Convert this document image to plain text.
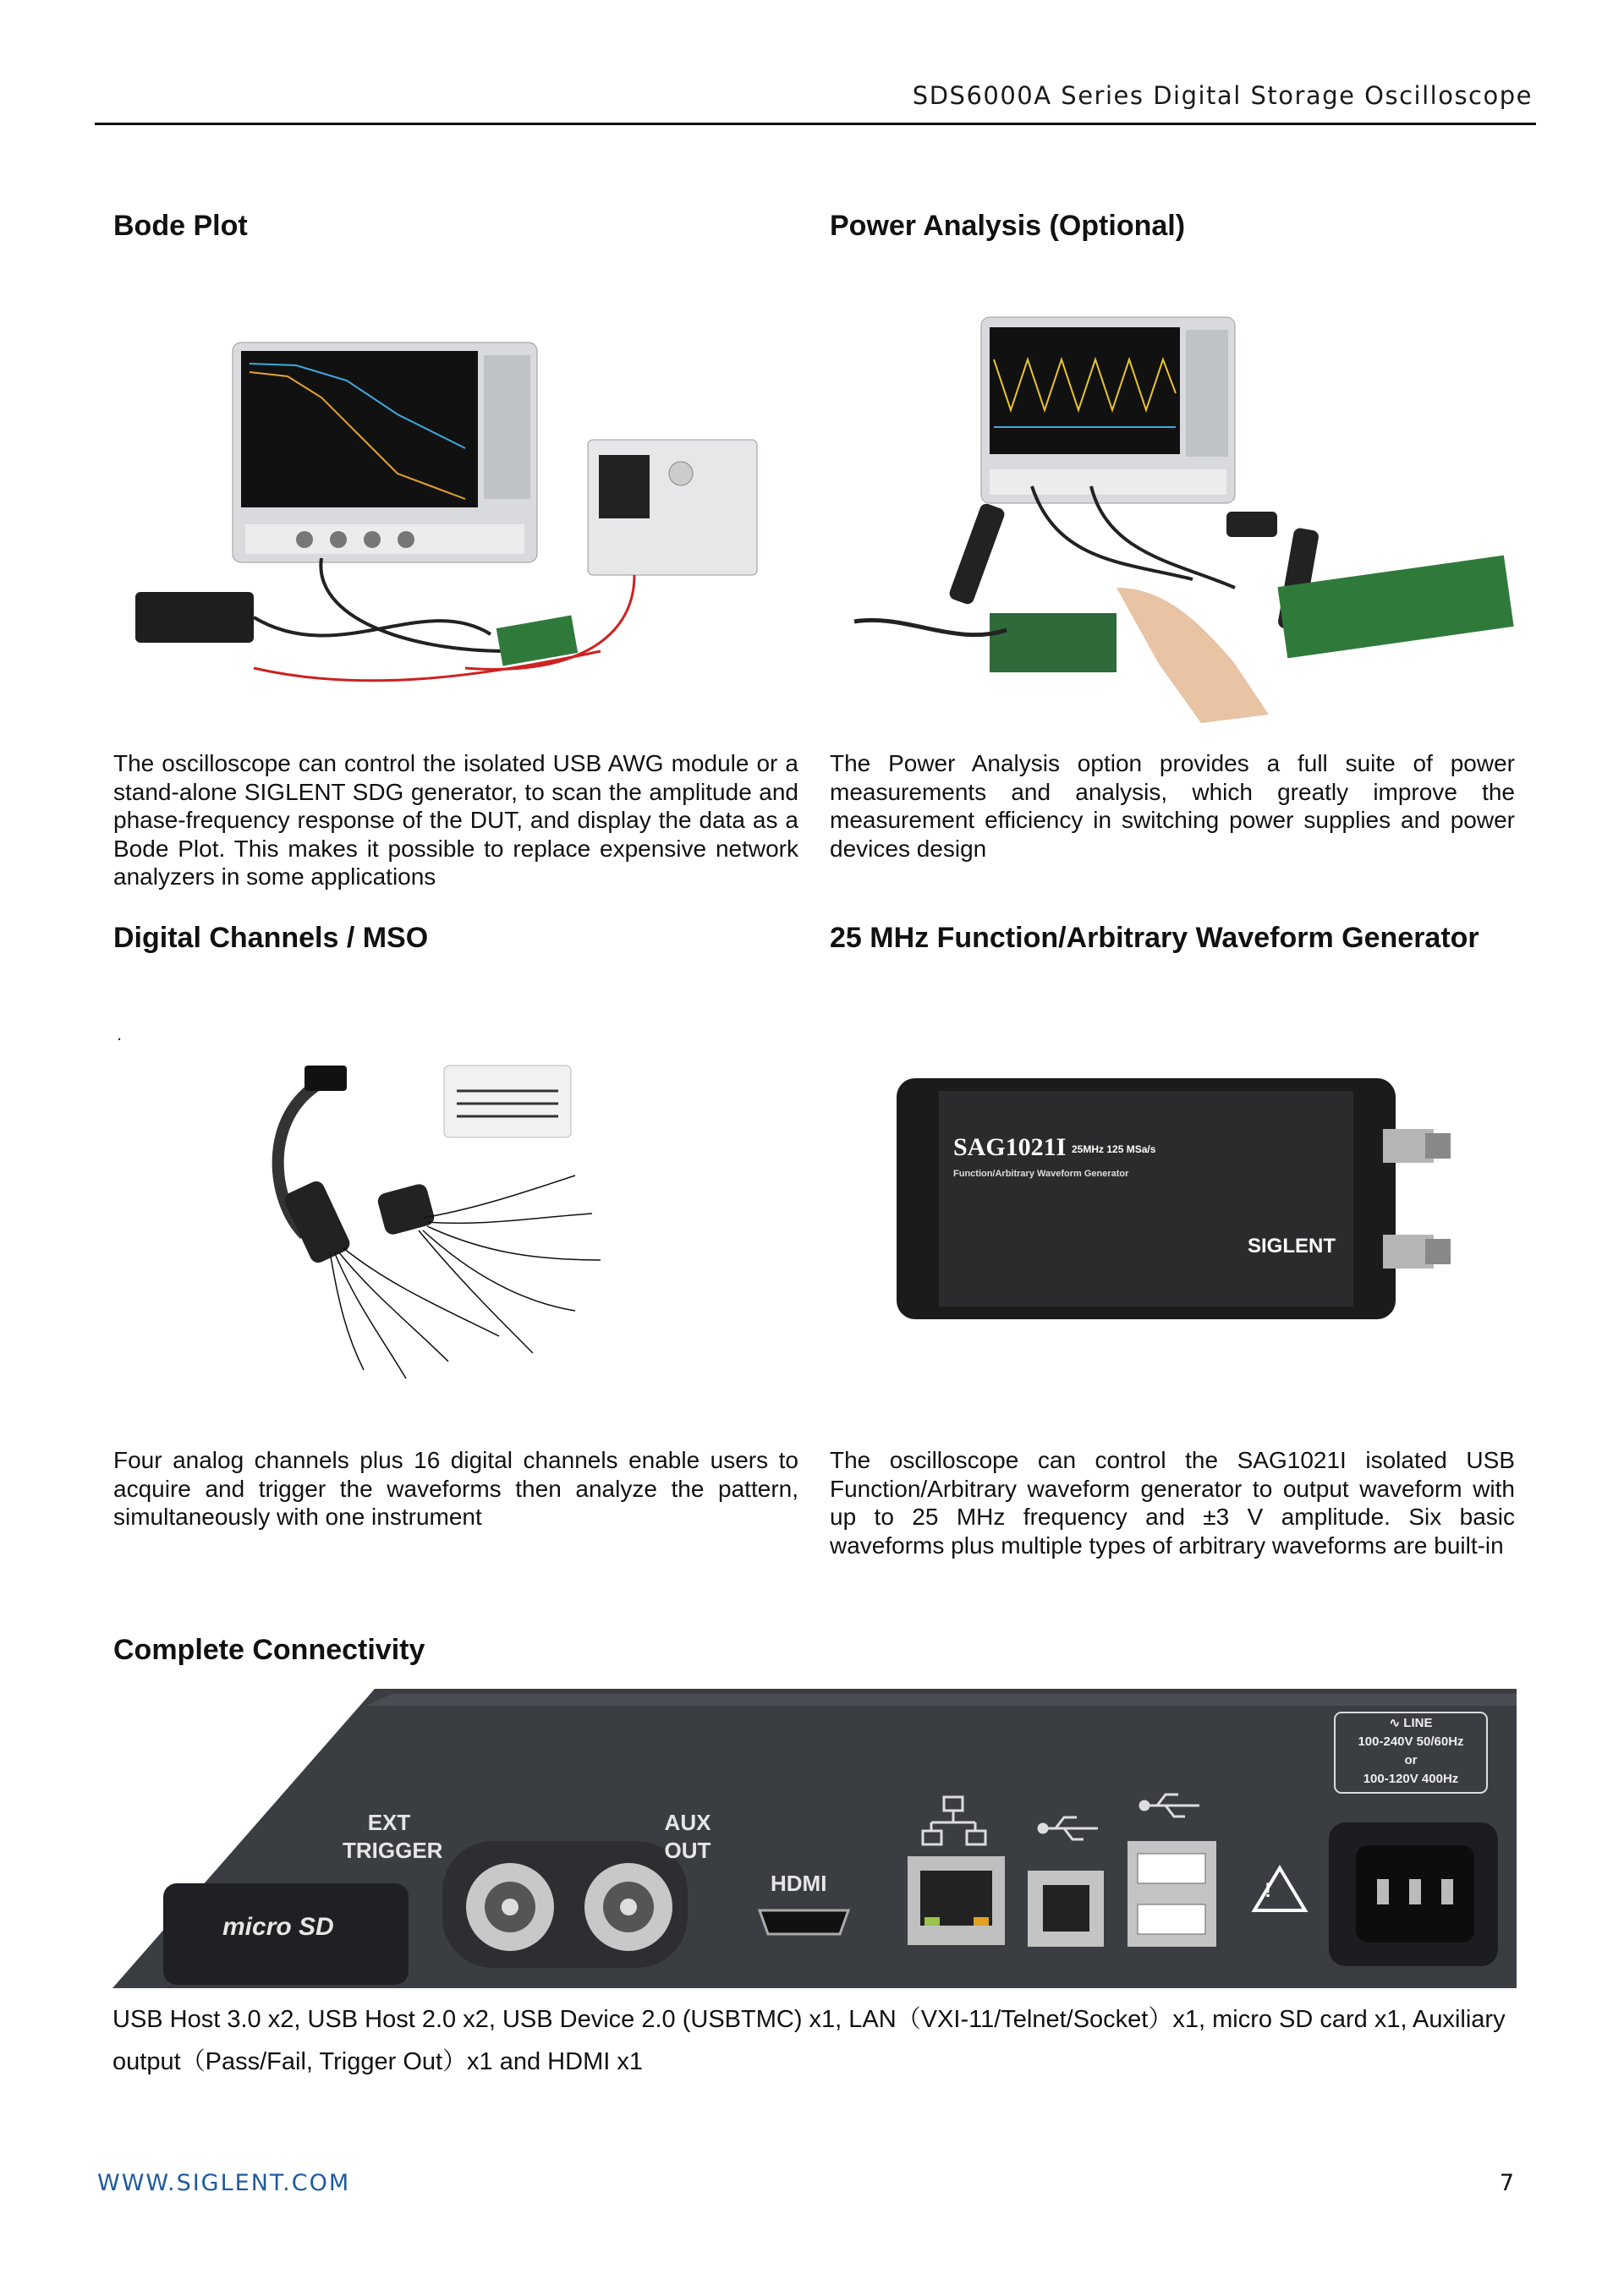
SDS6000A Series Digital Storage Oscilloscope
Bode Plot
The oscilloscope can control the isolated USB AWG module or a stand-alone SIGLENT SDG generator, to scan the amplitude and phase-frequency response of the DUT, and display the data as a Bode Plot. This makes it possible to replace expensive network analyzers in some applications
Power Analysis (Optional)
The Power Analysis option provides a full suite of power measurements and analysis, which greatly improve the measurement efficiency in switching power supplies and power devices design
Digital Channels / MSO
.
Four analog channels plus 16 digital channels enable users to acquire and trigger the waveforms then analyze the pattern, simultaneously with one instrument
25 MHz Function/Arbitrary Waveform Generator
SAG1021I 25MHz 125 MSa/s
Function/Arbitrary Waveform Generator
SIGLENT
The oscilloscope can control the SAG1021I isolated USB Function/Arbitrary waveform generator to output waveform with up to 25 MHz frequency and ±3 V amplitude. Six basic waveforms plus multiple types of arbitrary waveforms are built-in
Complete Connectivity
EXT
TRIGGER
AUX
OUT
HDMI
micro SD
∿ LINE
100-240V 50/60Hz
or
100-120V 400Hz
!
USB Host 3.0 x2, USB Host 2.0 x2, USB Device 2.0 (USBTMC) x1, LAN（VXI-11/Telnet/Socket）x1, micro SD card x1, Auxiliary
output（Pass/Fail, Trigger Out）x1 and HDMI x1
WWW.SIGLENT.COM	7
